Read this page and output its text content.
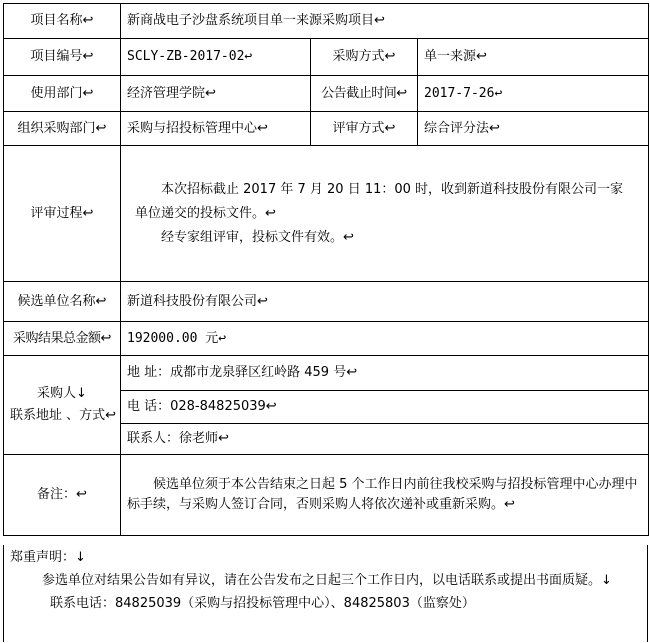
项目名称↩	新商战电子沙盘系统项目单一来源采购项目↩		
项目编号↩	SCLY-ZB-2017-02↩	采购方式↩	单一来源↩
使用部门↩	经济管理学院↩	公告截止时间↩	2017-7-26↩
组织采购部门↩	采购与招投标管理中心↩	评审方式↩	综合评分法↩
评审过程↩	本次招标截止 2017 年 7 月 20 日 11：00 时，收到新道科技股份有限公司一家单位递交的投标文件。↩
经专家组评审，投标文件有效。↩		

候选单位名称↩	新道科技股份有限公司↩		
采购结果总金额↩	192000.00 元↩		

采购人↓
联系地址 、方式↩	地 址：成都市龙泉驿区红岭路 459 号↩		
	电 话：028-84825039↩		
	联系人：徐老师↩		
备注：↩	候选单位须于本公告结束之日起 5 个工作日内前往我校采购与招投标管理中心办理中标手续，与采购人签订合同，否则采购人将依次递补或重新采购。↩		
郑重声明：↓
参选单位对结果公告如有异议，请在公告发布之日起三个工作日内，以电话联系或提出书面质疑。↓
联系电话：84825039（采购与招投标管理中心）、84825803（监察处）
